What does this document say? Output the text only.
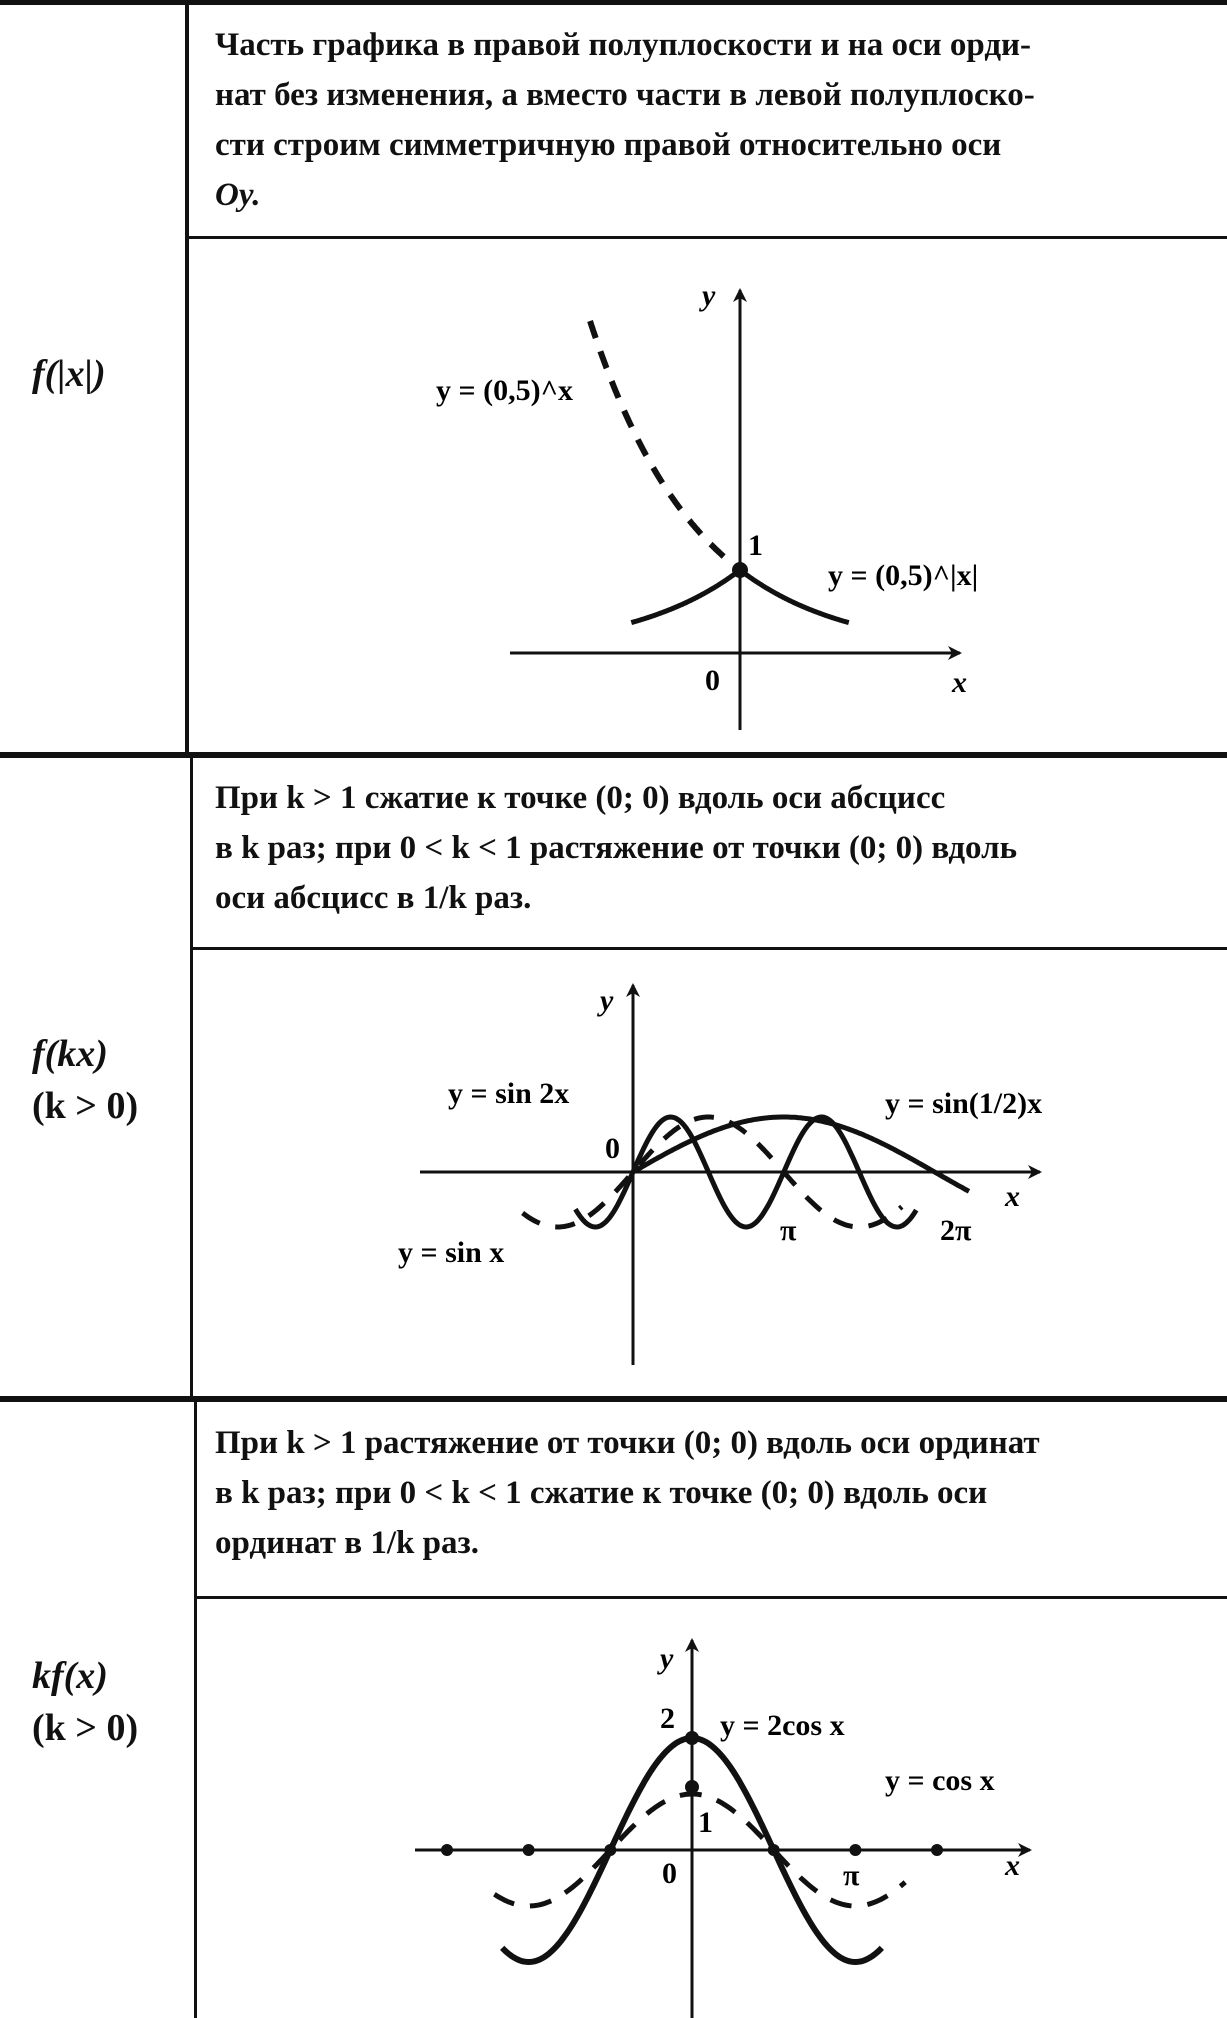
f(|x|)
Часть графика в правой полуплоскости и на оси орди-
нат без изменения, а вместо части в левой полуплоско-
сти строим симметричную правой относительно оси
Oy.
f(kx)
(k > 0)
При k > 1 сжатие к точке (0; 0) вдоль оси абсцисс
в k раз; при 0 < k < 1 растяжение от точки (0; 0) вдоль
оси абсцисс в 1/k раз.
kf(x)
(k > 0)
При k > 1 растяжение от точки (0; 0) вдоль оси ординат
в k раз; при 0 < k < 1 сжатие к точке (0; 0) вдоль оси
ординат в 1/k раз.
y
x
0
1
y = (0,5)^x
y = (0,5)^|x|
y
x
0
π	2π
y = sin 2x
y = sin x
y = sin(1/2)x
y
x
0
1
2
π
y = 2cos x
y = cos x
